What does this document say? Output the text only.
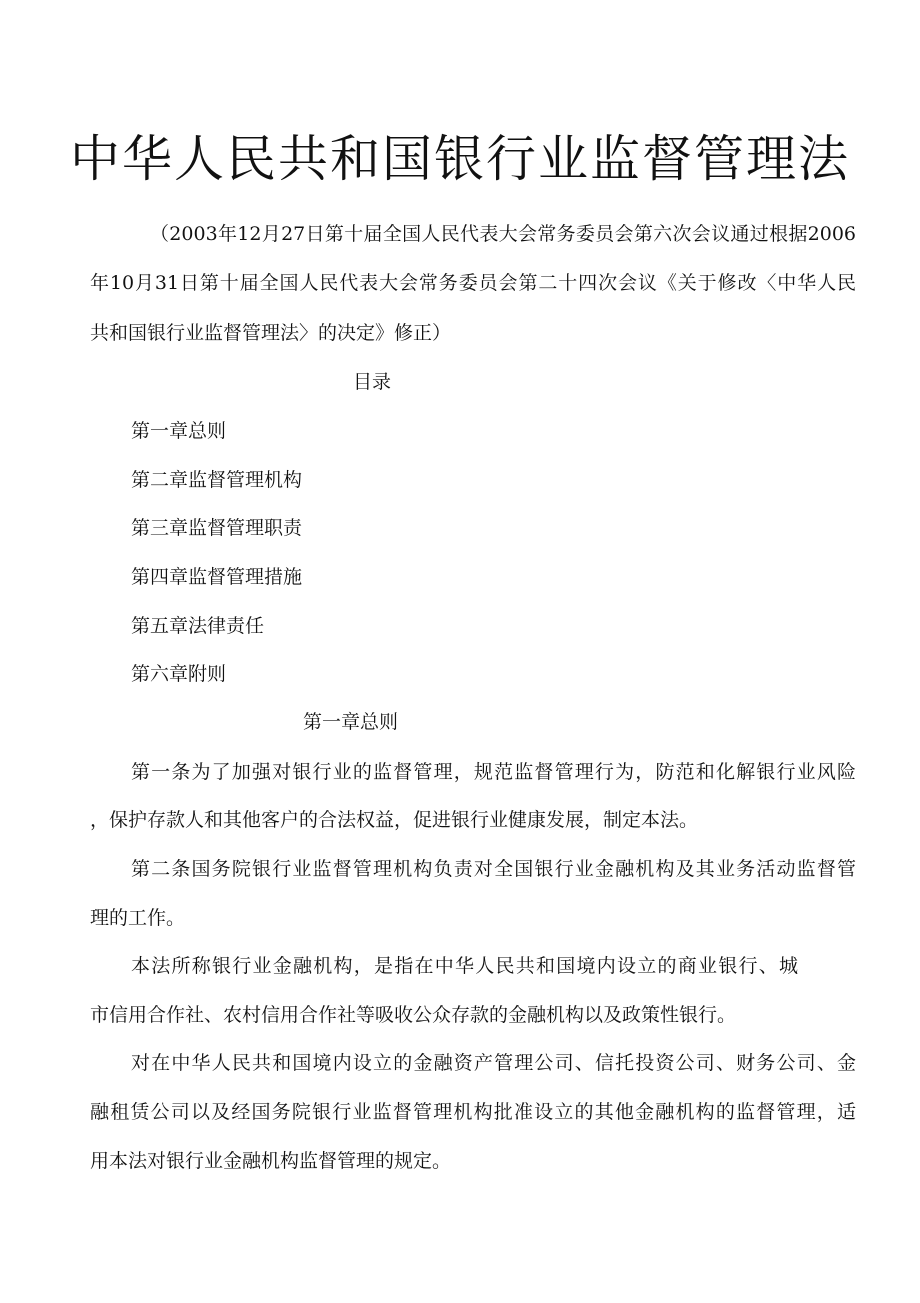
中华人民共和国银行业监督管理法
（2003年12月27日第十届全国人民代表大会常务委员会第六次会议通过根据2006
年10月31日第十届全国人民代表大会常务委员会第二十四次会议《关于修改〈中华人民
共和国银行业监督管理法〉的决定》修正）
目录
第一章总则
第二章监督管理机构
第三章监督管理职责
第四章监督管理措施
第五章法律责任
第六章附则
第一章总则
第一条为了加强对银行业的监督管理，规范监督管理行为，防范和化解银行业风险
，保护存款人和其他客户的合法权益，促进银行业健康发展，制定本法。
第二条国务院银行业监督管理机构负责对全国银行业金融机构及其业务活动监督管
理的工作。
本法所称银行业金融机构，是指在中华人民共和国境内设立的商业银行、城
市信用合作社、农村信用合作社等吸收公众存款的金融机构以及政策性银行。
对在中华人民共和国境内设立的金融资产管理公司、信托投资公司、财务公司、金
融租赁公司以及经国务院银行业监督管理机构批准设立的其他金融机构的监督管理，适
用本法对银行业金融机构监督管理的规定。
